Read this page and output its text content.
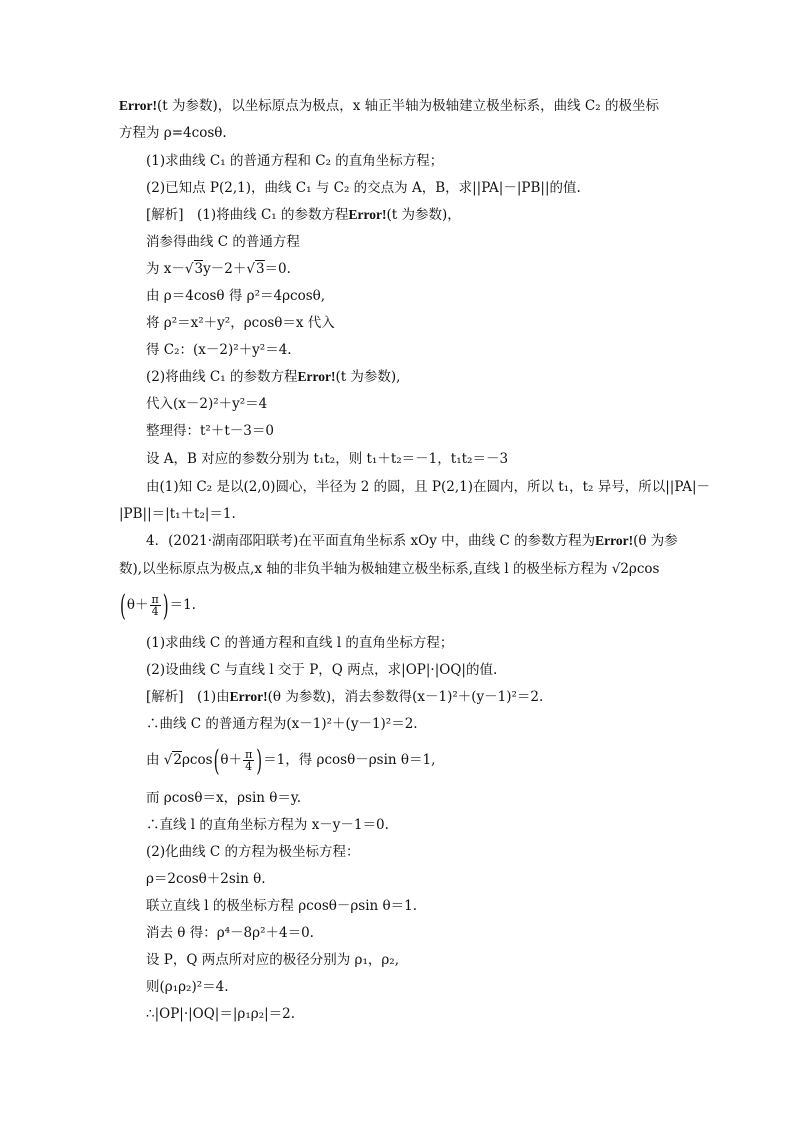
Error!(t 为参数)，以坐标原点为极点，x 轴正半轴为极轴建立极坐标系，曲线 C₂ 的极坐标
方程为 ρ=4cosθ.
(1)求曲线 C₁ 的普通方程和 C₂ 的直角坐标方程；
(2)已知点 P(2,1)，曲线 C₁ 与 C₂ 的交点为 A，B，求||PA|－|PB||的值.
[解析]　(1)将曲线 C₁ 的参数方程Error!(t 为参数)，
消参得曲线 C 的普通方程
为 x－√3y－2＋√3＝0.
由 ρ＝4cosθ 得 ρ²＝4ρcosθ,
将 ρ²＝x²＋y²，ρcosθ＝x 代入
得 C₂：(x－2)²＋y²＝4.
(2)将曲线 C₁ 的参数方程Error!(t 为参数),
代入(x－2)²＋y²＝4
整理得：t²＋t－3＝0
设 A，B 对应的参数分别为 t₁t₂，则 t₁＋t₂＝－1，t₁t₂＝－3
由(1)知 C₂ 是以(2,0)圆心，半径为 2 的圆，且 P(2,1)在圆内，所以 t₁，t₂ 异号，所以||PA|－
|PB||＝|t₁＋t₂|＝1.
4．(2021·湖南邵阳联考)在平面直角坐标系 xOy 中，曲线 C 的参数方程为Error!(θ 为参
数),以坐标原点为极点,x 轴的非负半轴为极轴建立极坐标系,直线 l 的极坐标方程为 √2ρcos
$(\theta+ \frac{\pi}{4} )=1$.
(1)求曲线 C 的普通方程和直线 l 的直角坐标方程；
(2)设曲线 C 与直线 l 交于 P，Q 两点，求|OP|·|OQ|的值.
[解析]　(1)由Error!(θ 为参数)，消去参数得(x－1)²＋(y－1)²＝2.
∴曲线 C 的普通方程为(x－1)²＋(y－1)²＝2.
由 $√2\rho\cos(\theta+ \frac{\pi}{4} )=1$，得 ρcosθ－ρsin θ＝1,
而 ρcosθ＝x，ρsin θ＝y.
∴直线 l 的直角坐标方程为 x－y－1＝0.
(2)化曲线 C 的方程为极坐标方程：
ρ＝2cosθ＋2sin θ.
联立直线 l 的极坐标方程 ρcosθ－ρsin θ＝1.
消去 θ 得：ρ⁴－8ρ²＋4＝0.
设 P，Q 两点所对应的极径分别为 ρ₁，ρ₂,
则(ρ₁ρ₂)²＝4.
∴|OP|·|OQ|＝|ρ₁ρ₂|＝2.
